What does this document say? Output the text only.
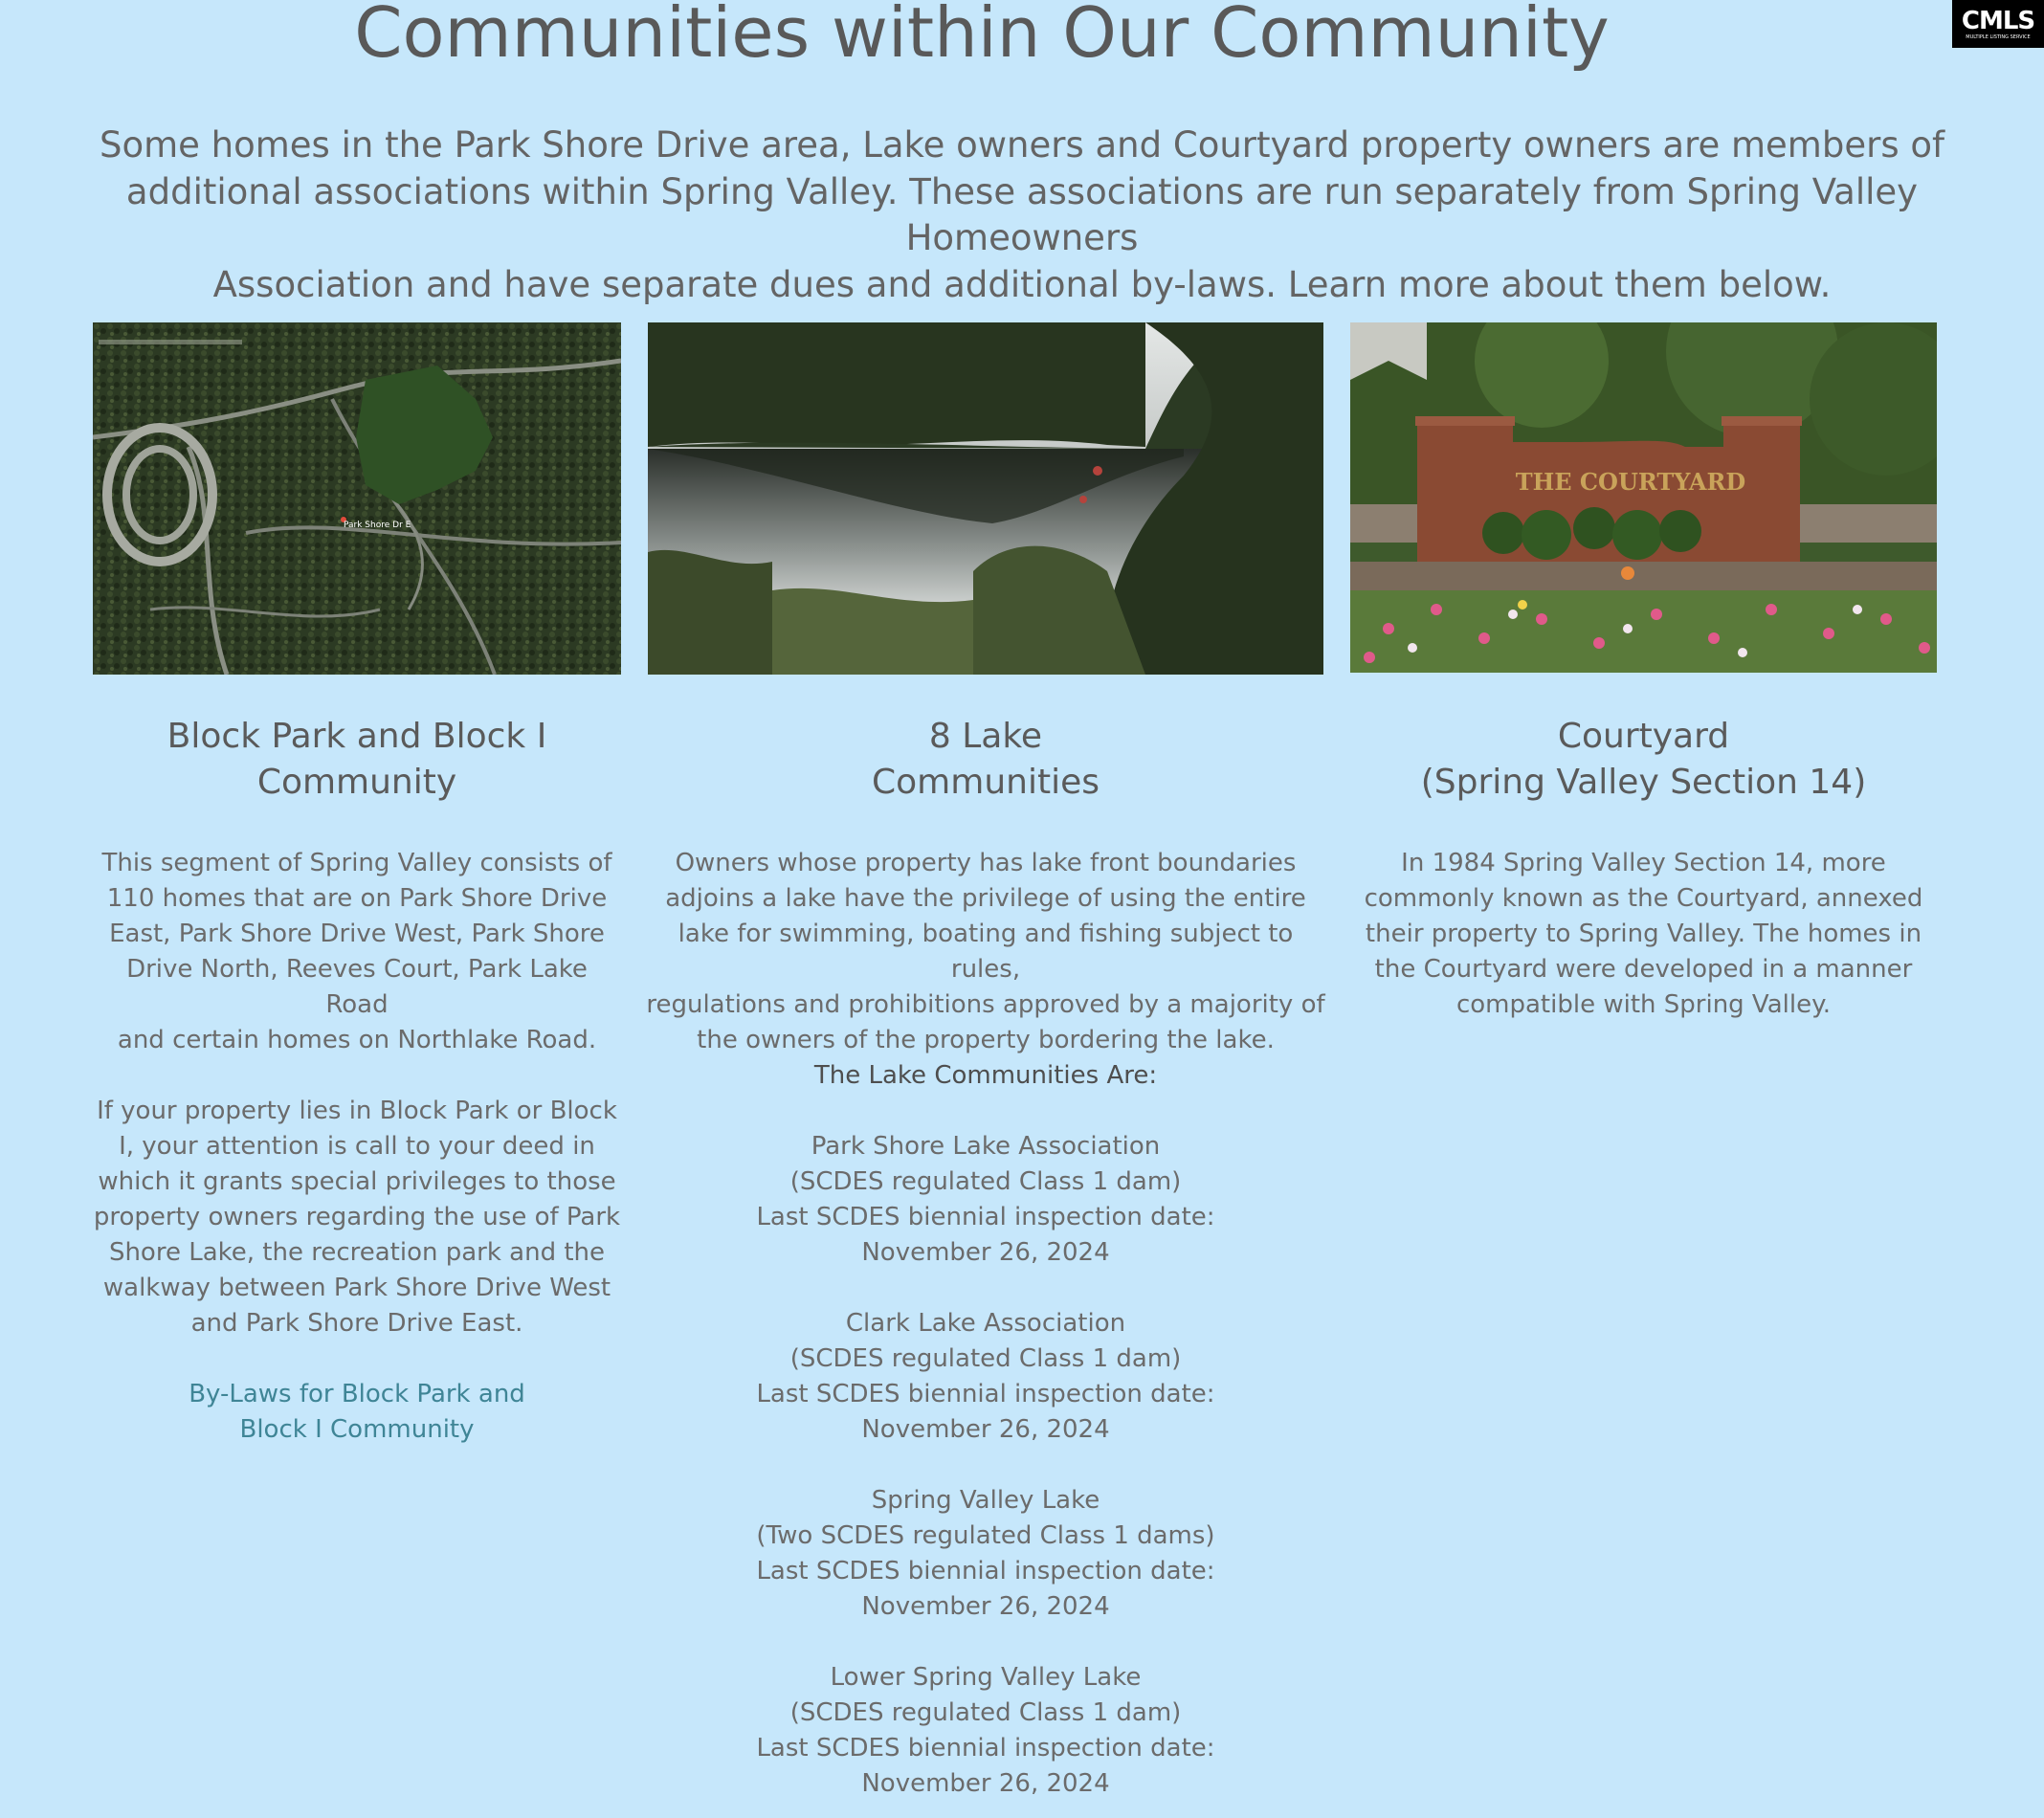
Communities within Our Community	CMLS
MULTIPLE LISTING SERVICE

Some homes in the Park Shore Drive area, Lake owners and Courtyard property owners are members of
additional associations within Spring Valley. These associations are run separately from Spring Valley Homeowners
Association and have separate dues and additional by-laws. Learn more about them below.

Park Shore Dr E
THE COURTYARD
Block Park and Block I
Community

This segment of Spring Valley consists of
110 homes that are on Park Shore Drive
East, Park Shore Drive West, Park Shore
Drive North, Reeves Court, Park Lake Road
and certain homes on Northlake Road.

If your property lies in Block Park or Block
I, your attention is call to your deed in
which it grants special privileges to those
property owners regarding the use of Park
Shore Lake, the recreation park and the
walkway between Park Shore Drive West
and Park Shore Drive East.

By-Laws for Block Park and
Block I Community

8 Lake
Communities

Owners whose property has lake front boundaries
adjoins a lake have the privilege of using the entire
lake for swimming, boating and fishing subject to rules,
regulations and prohibitions approved by a majority of
the owners of the property bordering the lake.

The Lake Communities Are:

Park Shore Lake Association
(SCDES regulated Class 1 dam)
Last SCDES biennial inspection date:
November 26, 2024

Clark Lake Association
(SCDES regulated Class 1 dam)
Last SCDES biennial inspection date:
November 26, 2024

Spring Valley Lake
(Two SCDES regulated Class 1 dams)
Last SCDES biennial inspection date:
November 26, 2024

Lower Spring Valley Lake
(SCDES regulated Class 1 dam)
Last SCDES biennial inspection date:
November 26, 2024

Courtyard
(Spring Valley Section 14)

In 1984 Spring Valley Section 14, more
commonly known as the Courtyard, annexed
their property to Spring Valley. The homes in
the Courtyard were developed in a manner
compatible with Spring Valley.
